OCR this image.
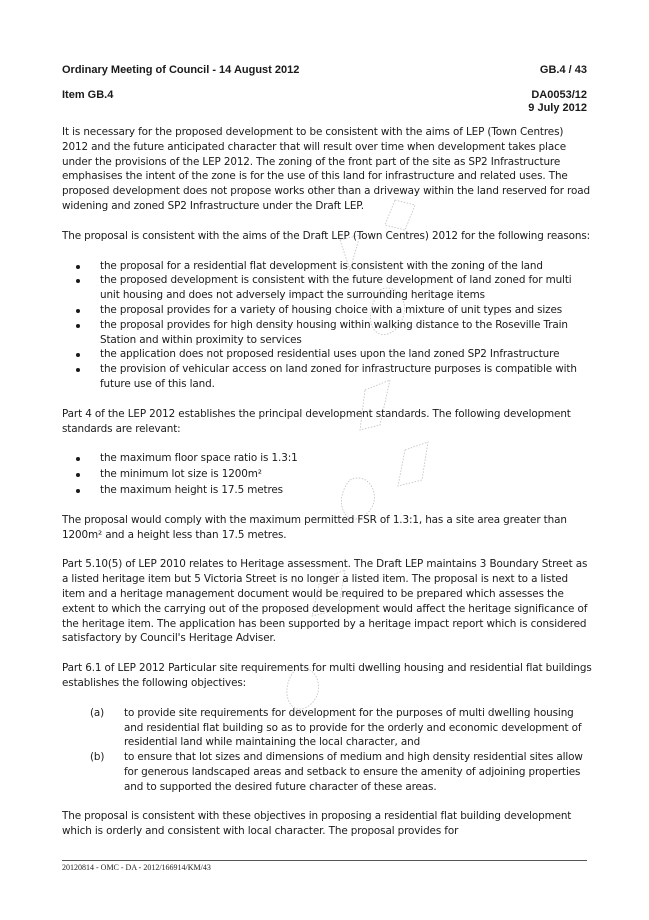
Ordinary Meeting of Council - 14 August 2012	GB.4 / 43
Item GB.4	DA0053/12
9 July 2012

It is necessary for the proposed development to be consistent with the aims of LEP (Town Centres) 2012 and the future anticipated character that will result over time when development takes place under the provisions of the LEP 2012. The zoning of the front part of the site as SP2 Infrastructure emphasises the intent of the zone is for the use of this land for infrastructure and related uses. The proposed development does not propose works other than a driveway within the land reserved for road widening and zoned SP2 Infrastructure under the Draft LEP.

The proposal is consistent with the aims of the Draft LEP (Town Centres) 2012 for the following reasons:

the proposal for a residential flat development is consistent with the zoning of the land
the proposed development is consistent with the future development of land zoned for multi unit housing and does not adversely impact the surrounding heritage items
the proposal provides for a variety of housing choice with a mixture of unit types and sizes
the proposal provides for high density housing within walking distance to the Roseville Train Station and within proximity to services
the application does not proposed residential uses upon the land zoned SP2 Infrastructure
the provision of vehicular access on land zoned for infrastructure purposes is compatible with future use of this land.

Part 4 of the LEP 2012 establishes the principal development standards. The following development standards are relevant:

the maximum floor space ratio is 1.3:1
the minimum lot size is 1200m²
the maximum height is 17.5 metres

The proposal would comply with the maximum permitted FSR of 1.3:1, has a site area greater than 1200m² and a height less than 17.5 metres.

Part 5.10(5) of LEP 2010 relates to Heritage assessment. The Draft LEP maintains 3 Boundary Street as a listed heritage item but 5 Victoria Street is no longer a listed item. The proposal is next to a listed item and a heritage management document would be required to be prepared which assesses the extent to which the carrying out of the proposed development would affect the heritage significance of the heritage item. The application has been supported by a heritage impact report which is considered satisfactory by Council's Heritage Adviser.

Part 6.1 of LEP 2012 Particular site requirements for multi dwelling housing and residential flat buildings establishes the following objectives:

(a) to provide site requirements for development for the purposes of multi dwelling housing and residential flat building so as to provide for the orderly and economic development of residential land while maintaining the local character, and
(b) to ensure that lot sizes and dimensions of medium and high density residential sites allow for generous landscaped areas and setback to ensure the amenity of adjoining properties and to supported the desired future character of these areas.

The proposal is consistent with these objectives in proposing a residential flat building development which is orderly and consistent with local character. The proposal provides for

20120814 - OMC - DA - 2012/166914/KM/43
